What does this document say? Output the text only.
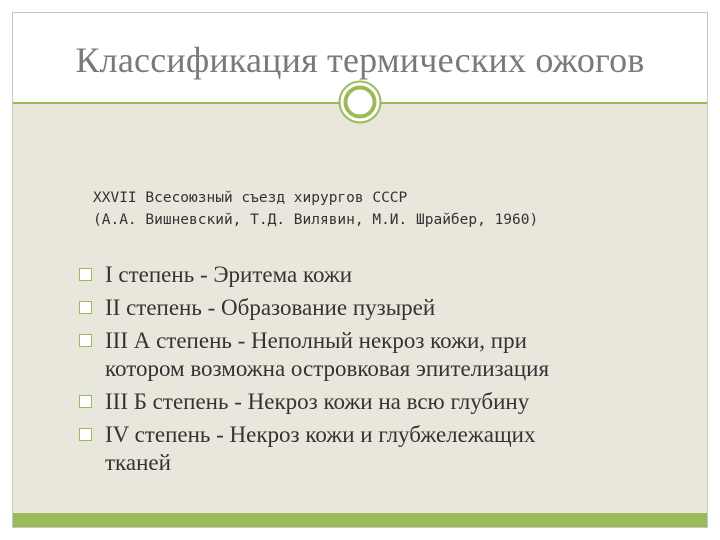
Классификация термических ожогов
XXVII Всесоюзный съезд хирургов СССР
(А.А. Вишневский, Т.Д. Вилявин, М.И. Шрайбер, 1960)
I степень - Эритема кожи
II степень - Образование пузырей
III А степень - Неполный некроз кожи, при
котором возможна островковая эпителизация
III Б степень - Некроз кожи на всю глубину
IV степень - Некроз кожи и глубжележащих
тканей
